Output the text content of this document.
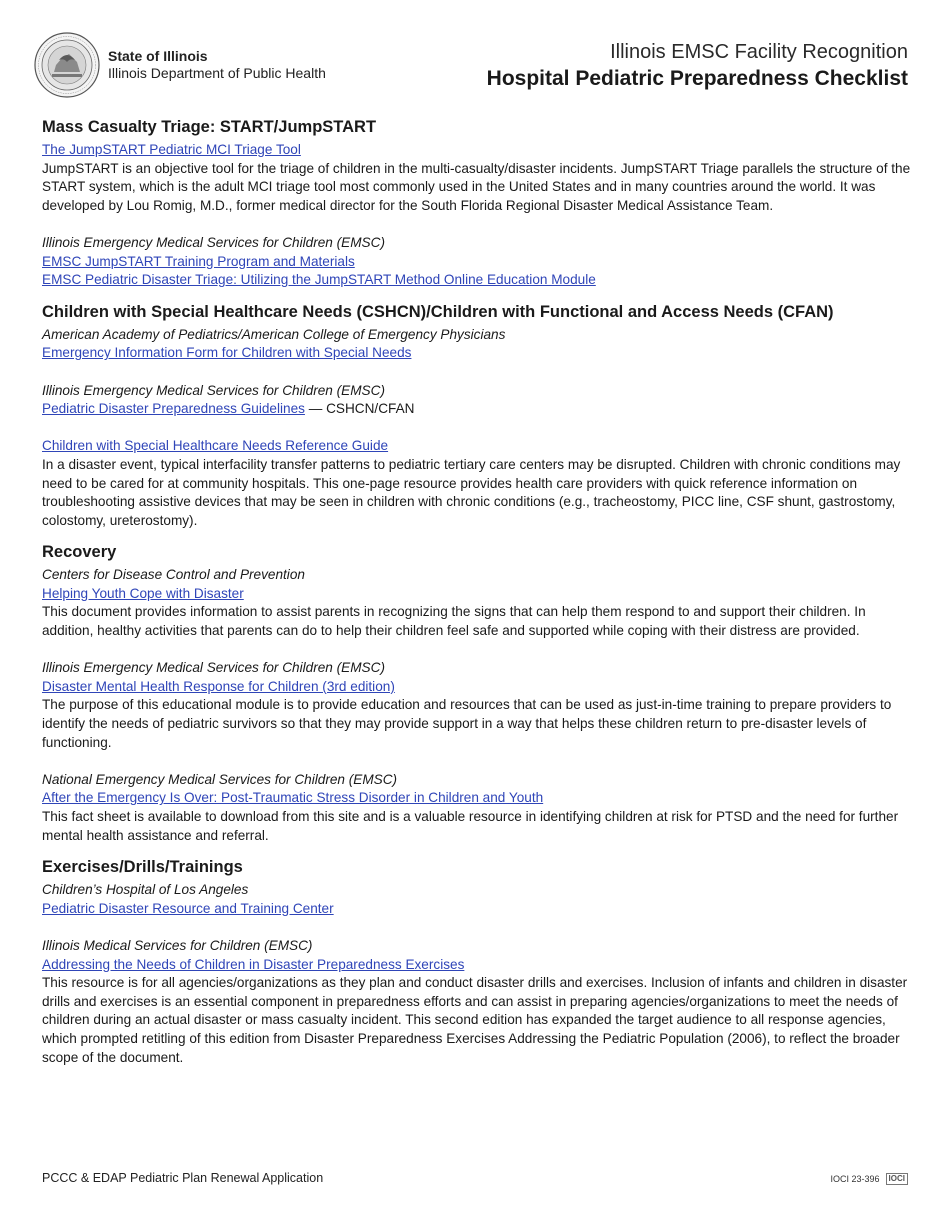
State of Illinois
Illinois Department of Public Health
Illinois EMSC Facility Recognition
Hospital Pediatric Preparedness Checklist
Mass Casualty Triage: START/JumpSTART
The JumpSTART Pediatric MCI Triage Tool
JumpSTART is an objective tool for the triage of children in the multi-casualty/disaster incidents. JumpSTART Triage parallels the structure of the START system, which is the adult MCI triage tool most commonly used in the United States and in many countries around the world. It was developed by Lou Romig, M.D., former medical director for the South Florida Regional Disaster Medical Assistance Team.
Illinois Emergency Medical Services for Children (EMSC)
EMSC JumpSTART Training Program and Materials
EMSC Pediatric Disaster Triage: Utilizing the JumpSTART Method Online Education Module
Children with Special Healthcare Needs (CSHCN)/Children with Functional and Access Needs (CFAN)
American Academy of Pediatrics/American College of Emergency Physicians
Emergency Information Form for Children with Special Needs
Illinois Emergency Medical Services for Children (EMSC)
Pediatric Disaster Preparedness Guidelines — CSHCN/CFAN
Children with Special Healthcare Needs Reference Guide
In a disaster event, typical interfacility transfer patterns to pediatric tertiary care centers may be disrupted. Children with chronic conditions may need to be cared for at community hospitals. This one-page resource provides health care providers with quick reference information on troubleshooting assistive devices that may be seen in children with chronic conditions (e.g., tracheostomy, PICC line, CSF shunt, gastrostomy, colostomy, ureterostomy).
Recovery
Centers for Disease Control and Prevention
Helping Youth Cope with Disaster
This document provides information to assist parents in recognizing the signs that can help them respond to and support their children. In addition, healthy activities that parents can do to help their children feel safe and supported while coping with their distress are provided.
Illinois Emergency Medical Services for Children (EMSC)
Disaster Mental Health Response for Children (3rd edition)
The purpose of this educational module is to provide education and resources that can be used as just-in-time training to prepare providers to identify the needs of pediatric survivors so that they may provide support in a way that helps these children return to pre-disaster levels of functioning.
National Emergency Medical Services for Children (EMSC)
After the Emergency Is Over: Post-Traumatic Stress Disorder in Children and Youth
This fact sheet is available to download from this site and is a valuable resource in identifying children at risk for PTSD and the need for further mental health assistance and referral.
Exercises/Drills/Trainings
Children’s Hospital of Los Angeles
Pediatric Disaster Resource and Training Center
Illinois Medical Services for Children (EMSC)
Addressing the Needs of Children in Disaster Preparedness Exercises
This resource is for all agencies/organizations as they plan and conduct disaster drills and exercises. Inclusion of infants and children in disaster drills and exercises is an essential component in preparedness efforts and can assist in preparing agencies/organizations to meet the needs of children during an actual disaster or mass casualty incident. This second edition has expanded the target audience to all response agencies, which prompted retitling of this edition from Disaster Preparedness Exercises Addressing the Pediatric Population (2006), to reflect the broader scope of the document.
PCCC & EDAP Pediatric Plan Renewal Application	IOCI 23-396	IOCI
